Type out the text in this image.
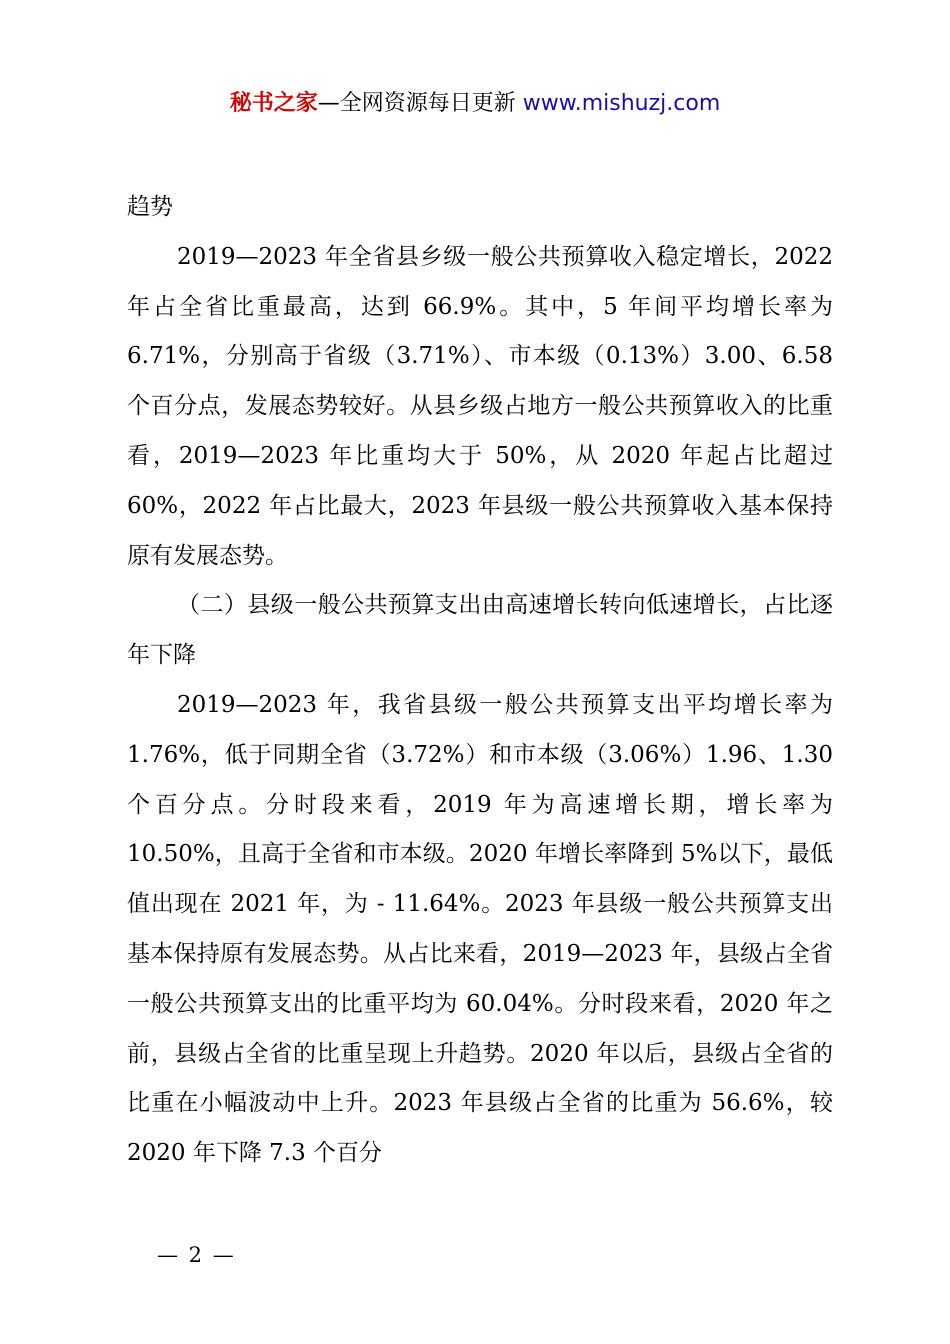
秘书之家—全网资源每日更新 www.mishuzj.com

趋势

2019—2023 年全省县乡级一般公共预算收入稳定增长，2022 年占全省比重最高，达到 66.9%。其中，5 年间平均增长率为 6.71%，分别高于省级（3.71%）、市本级（0.13%）3.00、6.58 个百分点，发展态势较好。从县乡级占地方一般公共预算收入的比重看，2019—2023 年比重均大于 50%，从 2020 年起占比超过 60%，2022 年占比最大，2023 年县级一般公共预算收入基本保持原有发展态势。

（二）县级一般公共预算支出由高速增长转向低速增长，占比逐年下降

2019—2023 年，我省县级一般公共预算支出平均增长率为 1.76%，低于同期全省（3.72%）和市本级（3.06%）1.96、1.30 个百分点。分时段来看，2019 年为高速增长期，增长率为 10.50%，且高于全省和市本级。2020 年增长率降到 5%以下，最低值出现在 2021 年，为 - 11.64%。2023 年县级一般公共预算支出基本保持原有发展态势。从占比来看，2019—2023 年，县级占全省一般公共预算支出的比重平均为 60.04%。分时段来看，2020 年之前，县级占全省的比重呈现上升趋势。2020 年以后，县级占全省的比重在小幅波动中上升。2023 年县级占全省的比重为 56.6%，较 2020 年下降 7.3 个百分

— 2 —
